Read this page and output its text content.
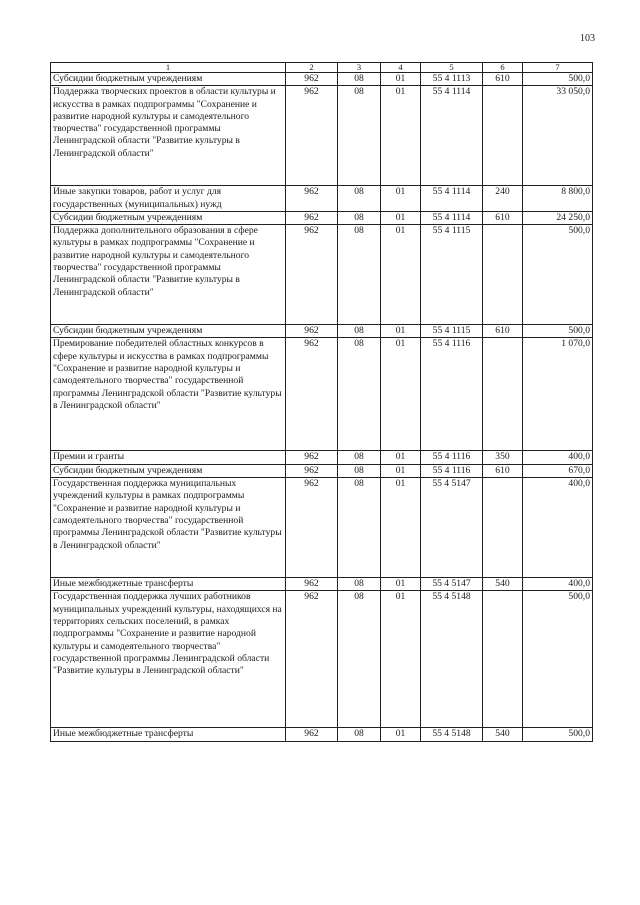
103
1	2	3	4	5	6	7
Субсидии бюджетным учреждениям	962	08	01	55 4 1113	610	500,0
Поддержка творческих проектов в области культуры и искусства в рамках подпрограммы "Сохранение и развитие народной культуры и самодеятельного творчества" государственной программы Ленинградской области "Развитие культуры в Ленинградской области"	962	08	01	55 4 1114		33 050,0
Иные закупки товаров, работ и услуг для государственных (муниципальных) нужд	962	08	01	55 4 1114	240	8 800,0
Субсидии бюджетным учреждениям	962	08	01	55 4 1114	610	24 250,0
Поддержка дополнительного образования в сфере культуры в рамках подпрограммы "Сохранение и развитие народной культуры и самодеятельного творчества" государственной программы Ленинградской области "Развитие культуры в Ленинградской области"	962	08	01	55 4 1115		500,0
Субсидии бюджетным учреждениям	962	08	01	55 4 1115	610	500,0
Премирование победителей областных конкурсов в сфере культуры и искусства в рамках подпрограммы "Сохранение и развитие народной культуры и самодеятельного творчества" государственной программы Ленинградской области "Развитие культуры в Ленинградской области"	962	08	01	55 4 1116		1 070,0
Премии и гранты	962	08	01	55 4 1116	350	400,0
Субсидии бюджетным учреждениям	962	08	01	55 4 1116	610	670,0
Государственная поддержка муниципальных учреждений культуры в рамках подпрограммы "Сохранение и развитие народной культуры и самодеятельного творчества" государственной программы Ленинградской области "Развитие культуры в Ленинградской области"	962	08	01	55 4 5147		400,0
Иные межбюджетные трансферты	962	08	01	55 4 5147	540	400,0
Государственная поддержка лучших работников муниципальных учреждений культуры, находящихся на территориях сельских поселений, в рамках подпрограммы "Сохранение и развитие народной культуры и самодеятельного творчества" государственной программы Ленинградской области "Развитие культуры в Ленинградской области"	962	08	01	55 4 5148		500,0
Иные межбюджетные трансферты	962	08	01	55 4 5148	540	500,0
